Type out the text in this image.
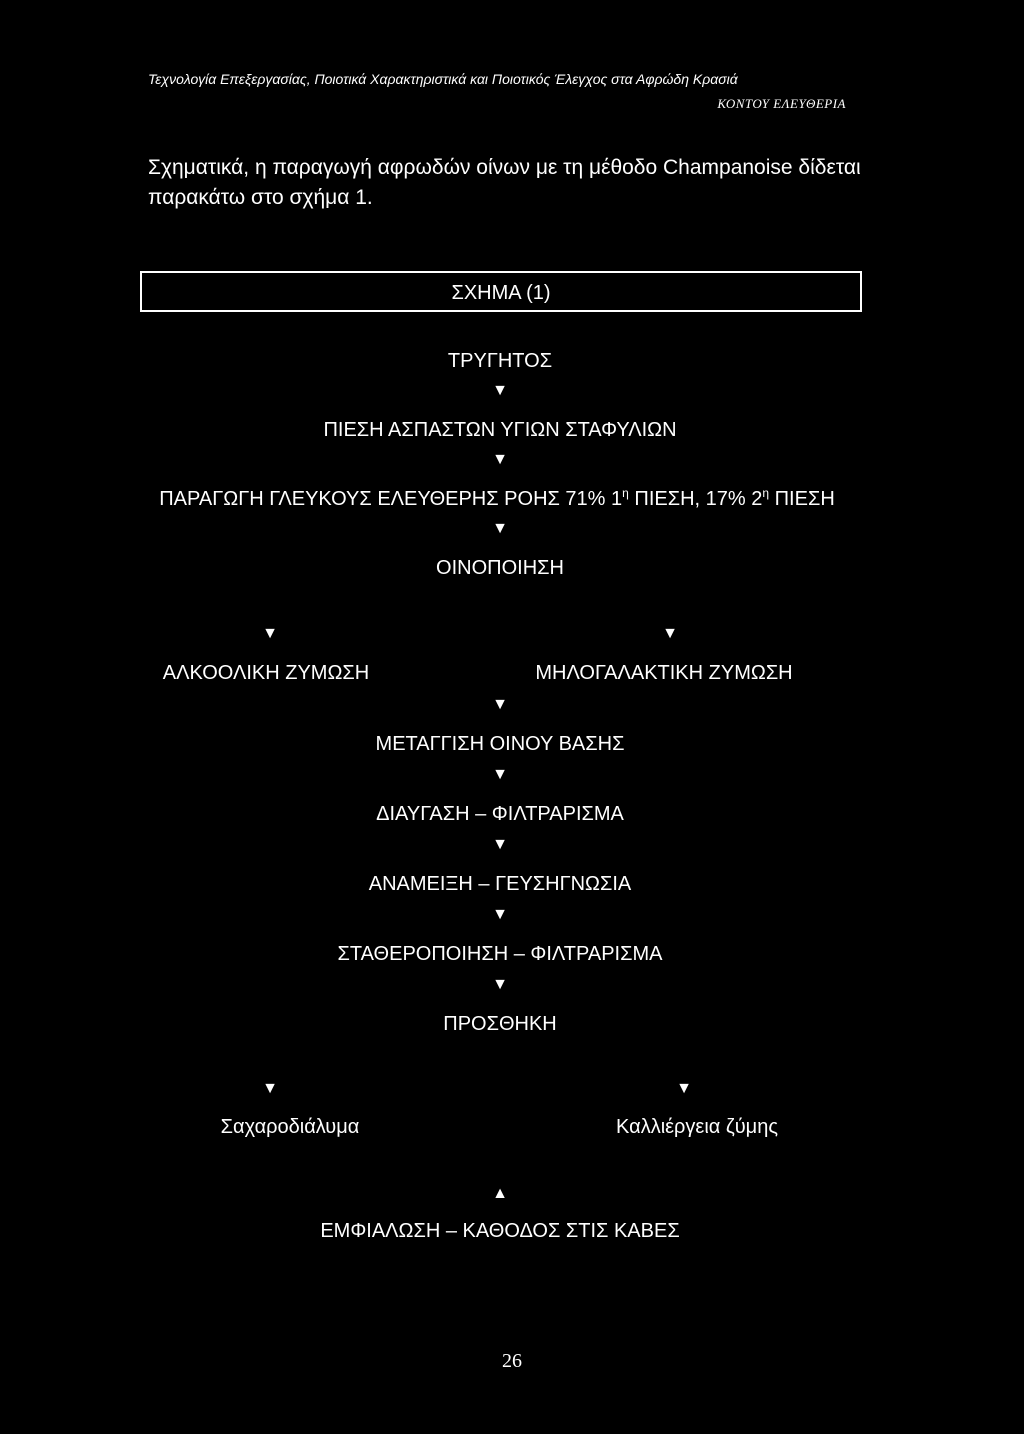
Τεχνολογία Επεξεργασίας, Ποιοτικά Χαρακτηριστικά και Ποιοτικός Έλεγχος στα Αφρώδη Κρασιά
ΚΟΝΤΟΥ ΕΛΕΥΘΕΡΙΑ
Σχηματικά, η παραγωγή αφρωδών οίνων με τη μέθοδο Champanoise δίδεται παρακάτω στο σχήμα 1.
ΣΧΗΜΑ (1)
ΤΡΥΓΗΤΟΣ
▼
ΠΙΕΣΗ ΑΣΠΑΣΤΩΝ ΥΓΙΩΝ ΣΤΑΦΥΛΙΩΝ
▼
ΠΑΡΑΓΩΓΗ ΓΛΕΥΚΟΥΣ ΕΛΕΥΘΕΡΗΣ ΡΟΗΣ 71% $1^\eta$ ΠΙΕΣΗ, 17% $2^\eta$ ΠΙΕΣΗ
▼
ΟΙΝΟΠΟΙΗΣΗ
▼	▼
ΑΛΚΟΟΛΙΚΗ ΖΥΜΩΣΗ	ΜΗΛΟΓΑΛΑΚΤΙΚΗ ΖΥΜΩΣΗ
▼
ΜΕΤΑΓΓΙΣΗ ΟΙΝΟΥ ΒΑΣΗΣ
▼
ΔΙΑΥΓΑΣΗ – ΦΙΛΤΡΑΡΙΣΜΑ
▼
ΑΝΑΜΕΙΞΗ – ΓΕΥΣΗΓΝΩΣΙΑ
▼
ΣΤΑΘΕΡΟΠΟΙΗΣΗ – ΦΙΛΤΡΑΡΙΣΜΑ
▼
ΠΡΟΣΘΗΚΗ
▼	▼
Σαχαροδιάλυμα	Καλλιέργεια ζύμης
▲
ΕΜΦΙΑΛΩΣΗ – ΚΑΘΟΔΟΣ ΣΤΙΣ ΚΑΒΕΣ
26
